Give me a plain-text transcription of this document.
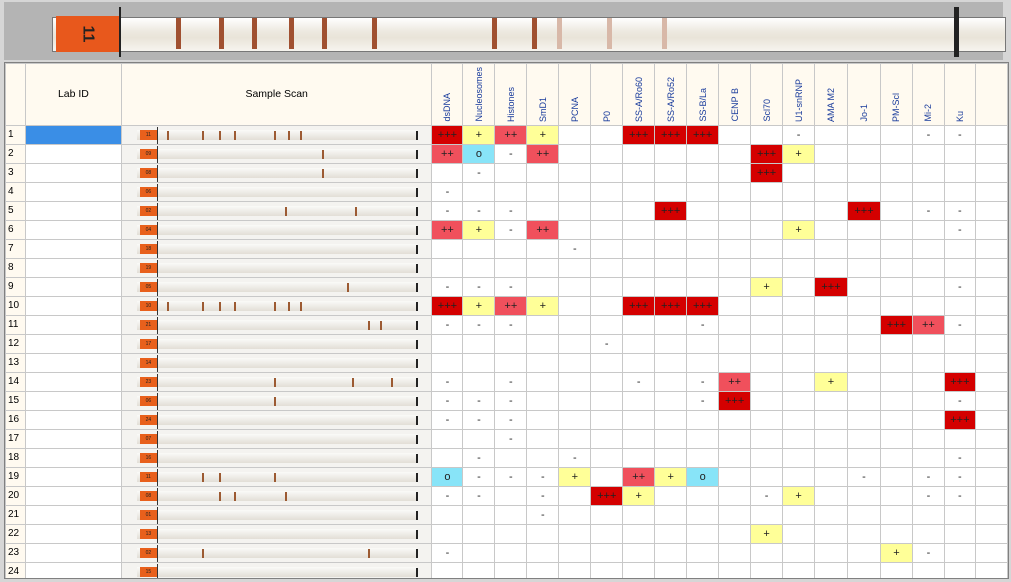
11
	Lab ID	Sample Scan	dsDNA	Nucleosomes	Histones	SmD1	PCNA	P0	SS-A/Ro60	SS-A/Ro52	SS-B/La	CENP B	Scl70	U1-snRNP	AMA M2	Jo-1	PM-Scl	Mi-2	Ku	
1		11	+++	+	++	+			+++	+++	+++			-				-	-	
2		09	++	o	-	++							+++	+						
3		08		-									+++							
4		06	-																	
5		02	-	-	-					+++						+++		-	-	
6		04	++	+	-	++								+					-	
7		18					-													
8		19																		

9		05	-	-	-								+		+++				-	
10		10	+++	+	++	+			+++	+++	+++									
11		21	-	-	-						-						+++	++	-	
12		17						-												
13		14																		

14		23	-		-				-		-	++			+				+++	
15		06	-	-	-						-	+++							-	
16		24	-	-	-														+++	
17		07			-															
18		16		-			-												-	
19		11	o	-	-	-	+		++	+	o					-		-	-	
20		08	-	-		-		+++	+				-	+				-	-	
21		01				-														
22		13											+							
23		02	-														+	-		
24		15																		
